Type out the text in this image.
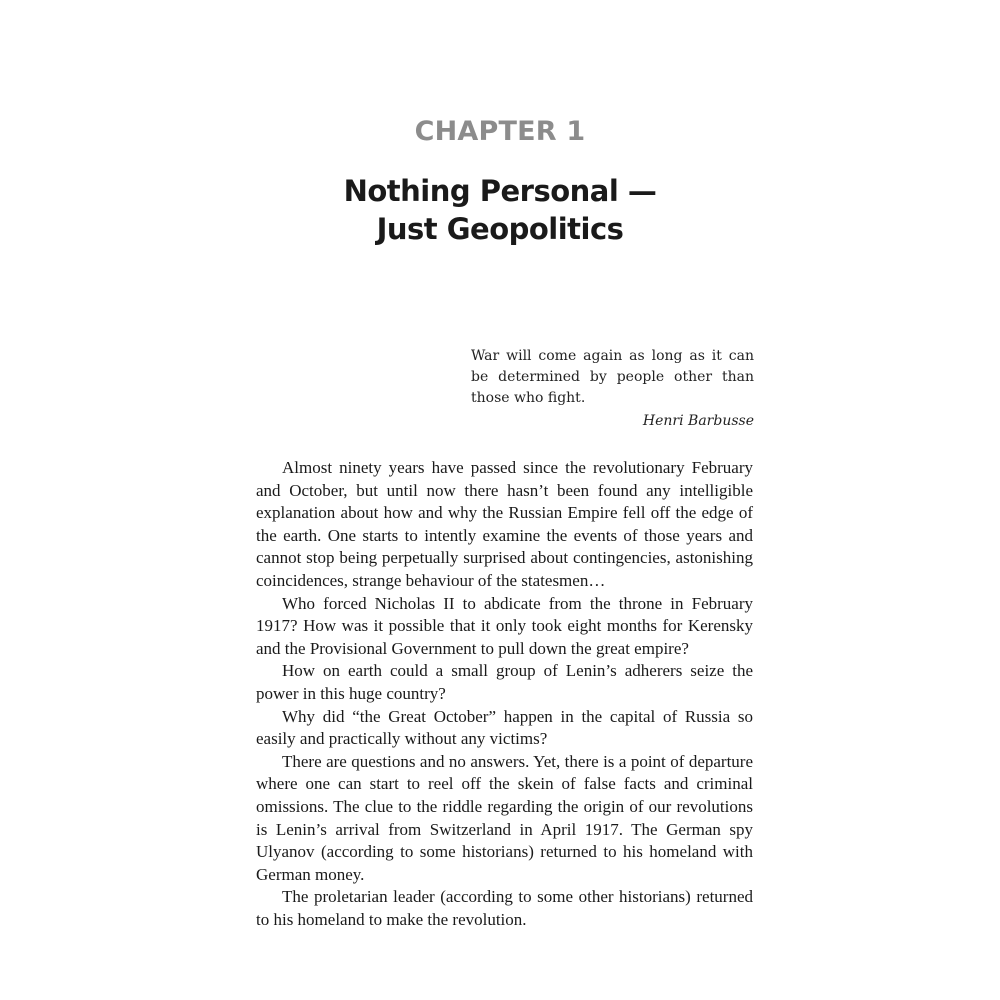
CHAPTER 1
Nothing Personal —
Just Geopolitics

War will come again as long as it can be determined by people other than those who fight.

Henri Barbusse

Almost ninety years have passed since the revolutionary February and October, but until now there hasn’t been found any intelligible explanation about how and why the Russian Empire fell off the edge of the earth. One starts to intently examine the events of those years and cannot stop being perpetually surprised about contingencies, astonishing coincidences, strange behaviour of the statesmen…

Who forced Nicholas II to abdicate from the throne in February 1917? How was it possible that it only took eight months for Kerensky and the Provisional Government to pull down the great empire?

How on earth could a small group of Lenin’s adherers seize the power in this huge country?

Why did “the Great October” happen in the capital of Russia so easily and practically without any victims?

There are questions and no answers. Yet, there is a point of departure where one can start to reel off the skein of false facts and criminal omissions. The clue to the riddle regarding the origin of our revolutions is Lenin’s arrival from Switzerland in April 1917. The German spy Ulyanov (according to some historians) returned to his homeland with German money.

The proletarian leader (according to some other historians) returned to his homeland to make the revolution.
